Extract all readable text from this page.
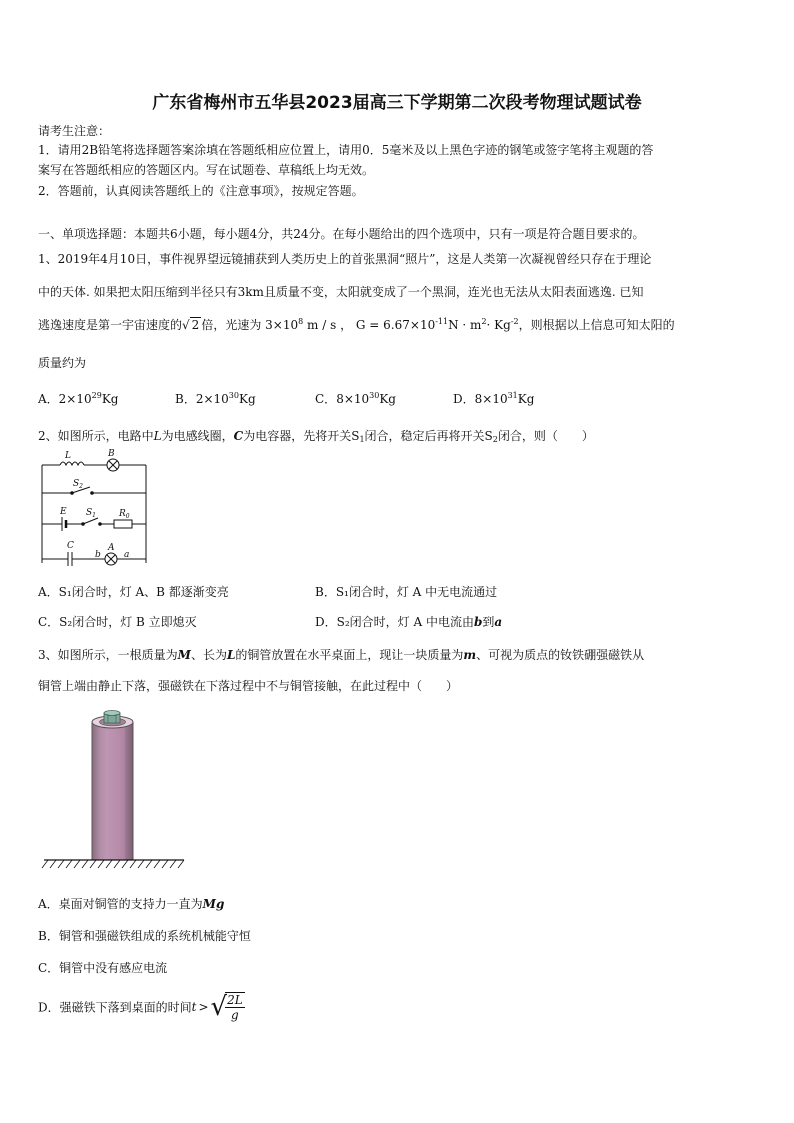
广东省梅州市五华县2023届高三下学期第二次段考物理试题试卷
请考生注意：
1．请用2B铅笔将选择题答案涂填在答题纸相应位置上，请用0．5毫米及以上黑色字迹的钢笔或签字笔将主观题的答
案写在答题纸相应的答题区内。写在试题卷、草稿纸上均无效。
2．答题前，认真阅读答题纸上的《注意事项》，按规定答题。
一、单项选择题：本题共6小题，每小题4分，共24分。在每小题给出的四个选项中，只有一项是符合题目要求的。
1、2019年4月10日，事件视界望远镜捕获到人类历史上的首张黑洞“照片”，这是人类第一次凝视曾经只存在于理论
中的天体. 如果把太阳压缩到半径只有3km且质量不变，太阳就变成了一个黑洞，连光也无法从太阳表面逃逸. 已知
逃逸速度是第一宇宙速度的√ 2 倍，光速为 $3\times 10^8$ m / s ， $G = 6.67\times 10^{-11}N \cdot m^2\cdot Kg^{-2}$，则根据以上信息可知太阳的
质量约为
A．$2\times 10^{29}Kg$	B．$2\times 10^{30}Kg$	C．$8\times 10^{30}Kg$	D．$8\times 10^{31}Kg$
2、如图所示，电路中L为电感线圈，C为电容器，先将开关$S_1$闭合，稳定后再将开关$S_2$闭合，则（　　）
L	B
$S_2$
E $S_1$	$R_0$
C
b
A
a
A．S₁闭合时，灯 A、B 都逐渐变亮	B．S₁闭合时，灯 A 中无电流通过
C．S₂闭合时，灯 B 立即熄灭	D．S₂闭合时，灯 A 中电流由b到a
3、如图所示，一根质量为M、长为L的铜管放置在水平桌面上，现让一块质量为m、可视为质点的钕铁硼强磁铁从
铜管上端由静止下落，强磁铁在下落过程中不与铜管接触，在此过程中（　　）
A．桌面对铜管的支持力一直为Mg
B．铜管和强磁铁组成的系统机械能守恒
C．铜管中没有感应电流
D．强磁铁下落到桌面的时间t >√
$\frac{2L}{g}$
